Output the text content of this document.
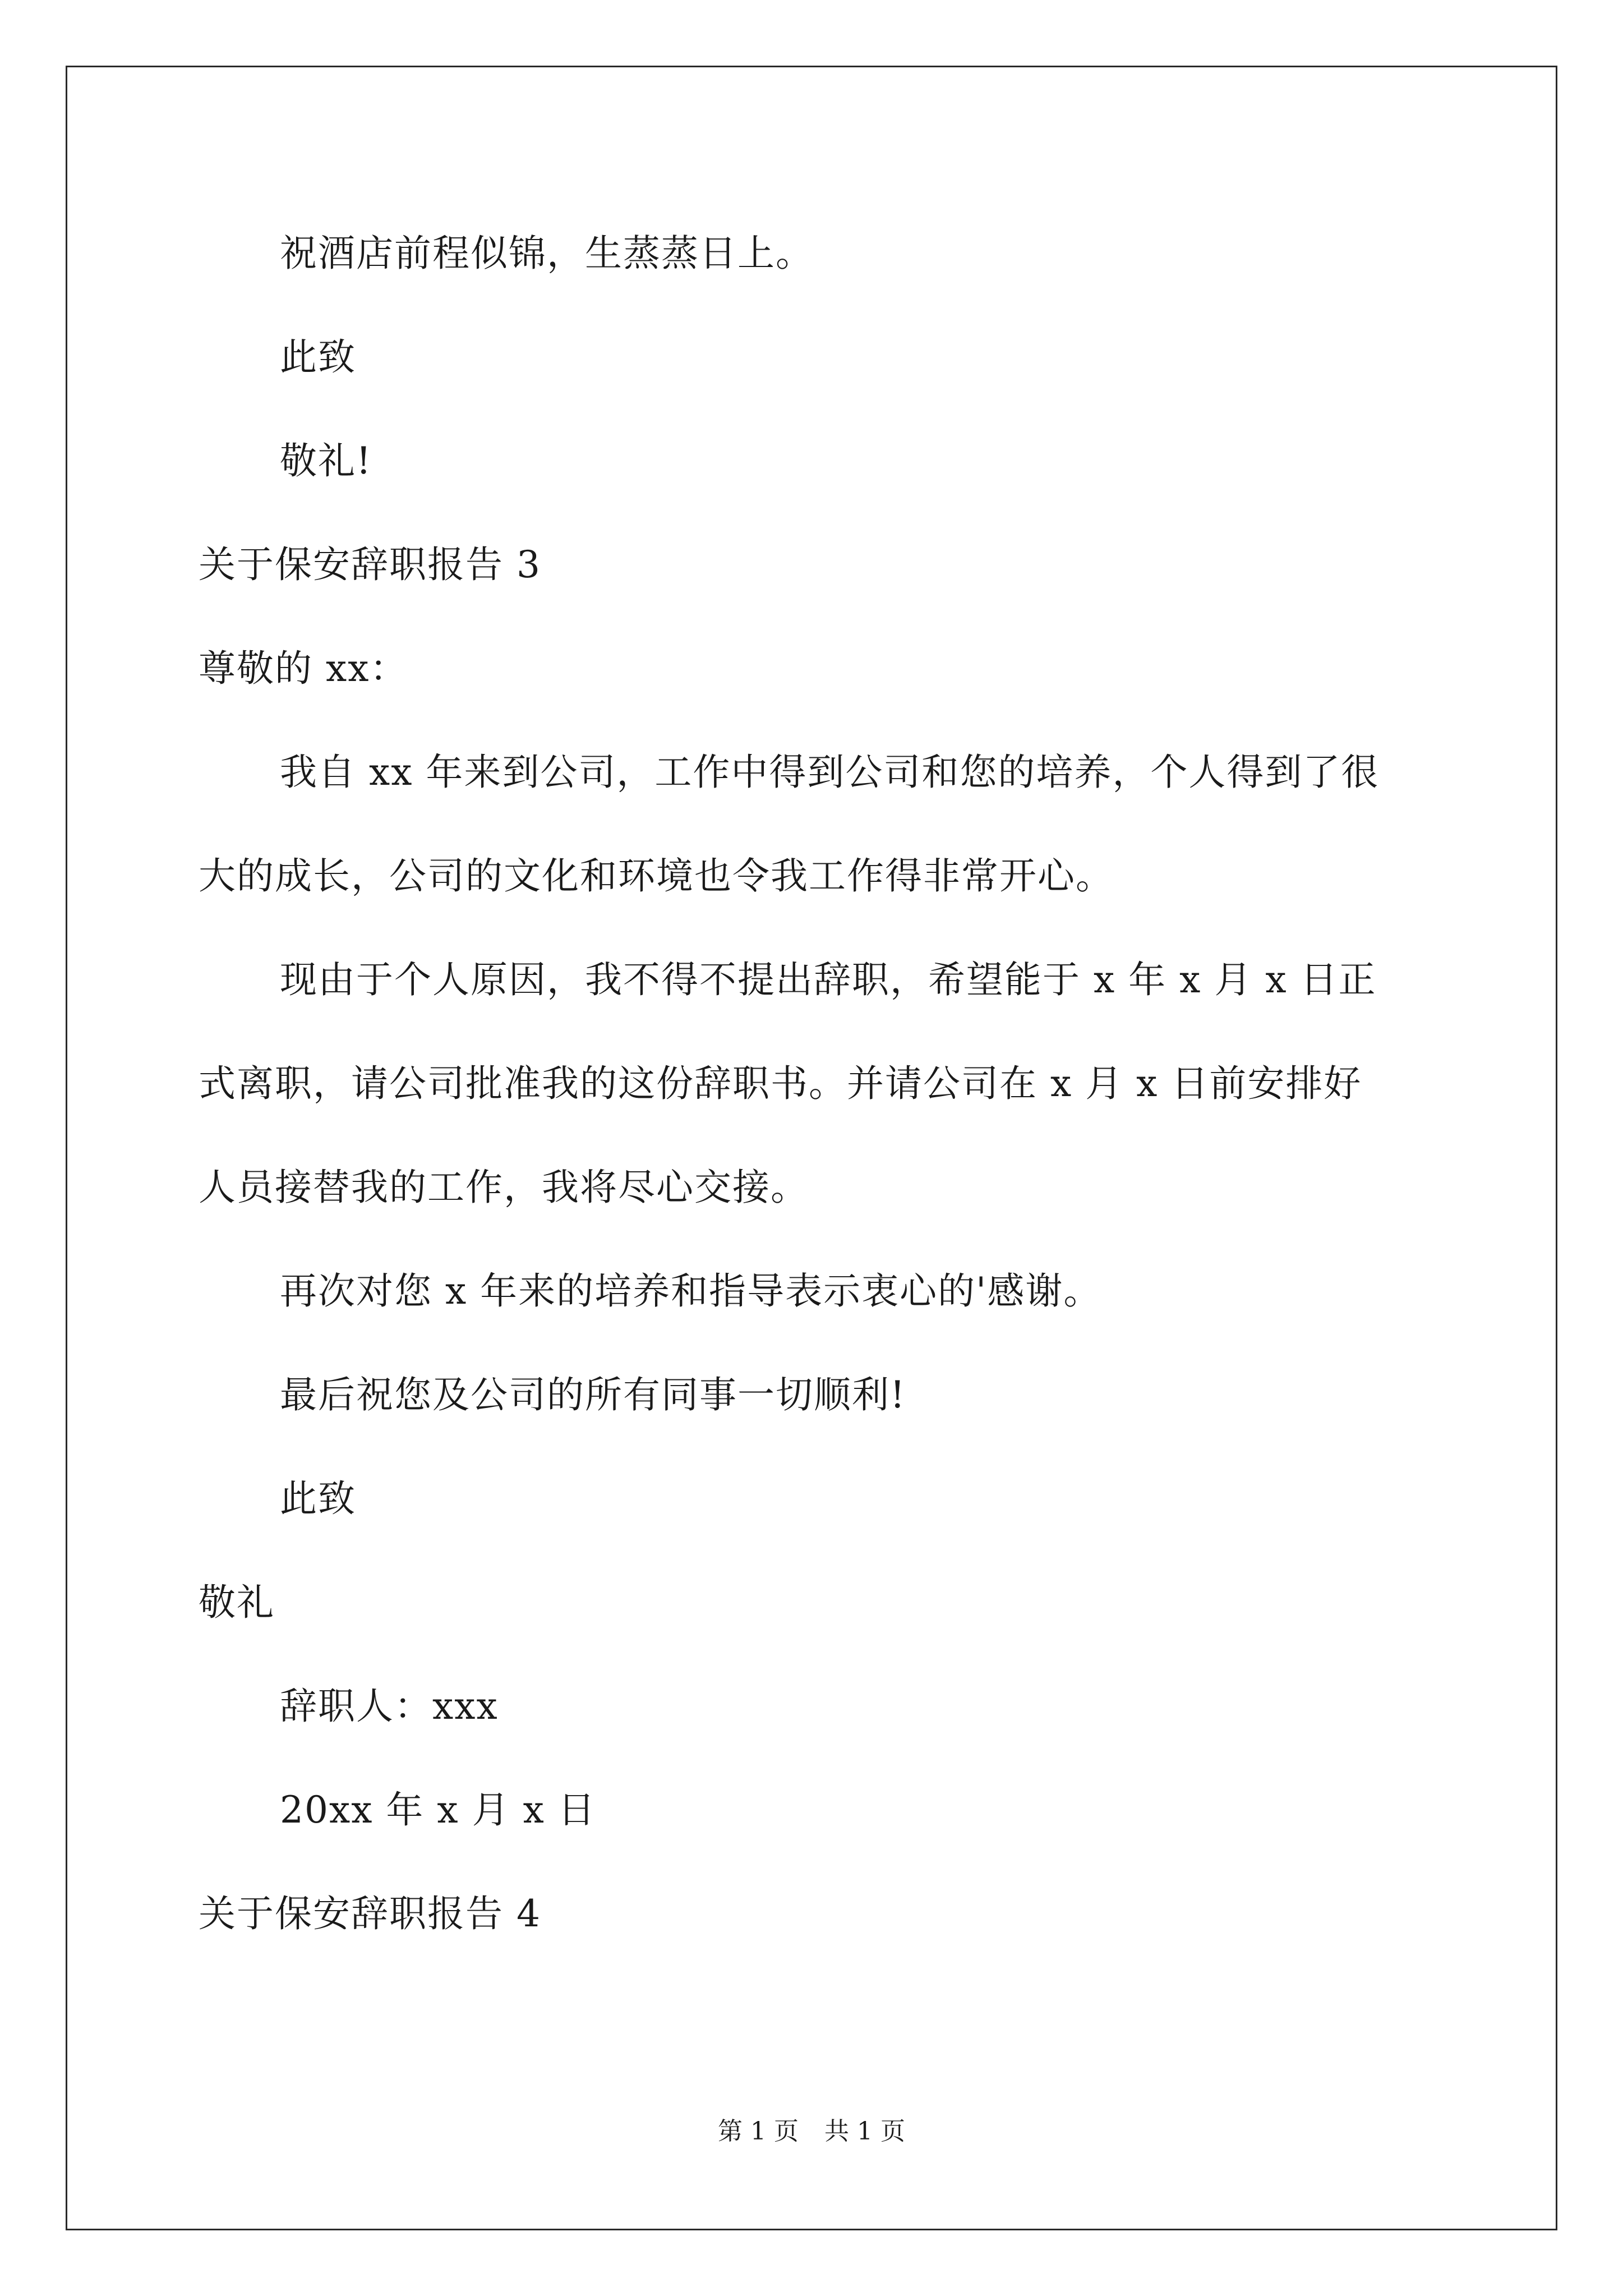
祝酒店前程似锦，生蒸蒸日上。
此致
敬礼!
关于保安辞职报告 3
尊敬的 xx：
我自 xx 年来到公司，工作中得到公司和您的培养，个人得到了很
大的成长，公司的文化和环境也令我工作得非常开心。
现由于个人原因，我不得不提出辞职，希望能于 x 年 x 月 x 日正
式离职，请公司批准我的这份辞职书。并请公司在 x 月 x 日前安排好
人员接替我的工作，我将尽心交接。
再次对您 x 年来的培养和指导表示衷心的'感谢。
最后祝您及公司的所有同事一切顺利!
此致
敬礼
辞职人：xxx
20xx 年 x 月 x 日
关于保安辞职报告 4
第 1 页 共 1 页
